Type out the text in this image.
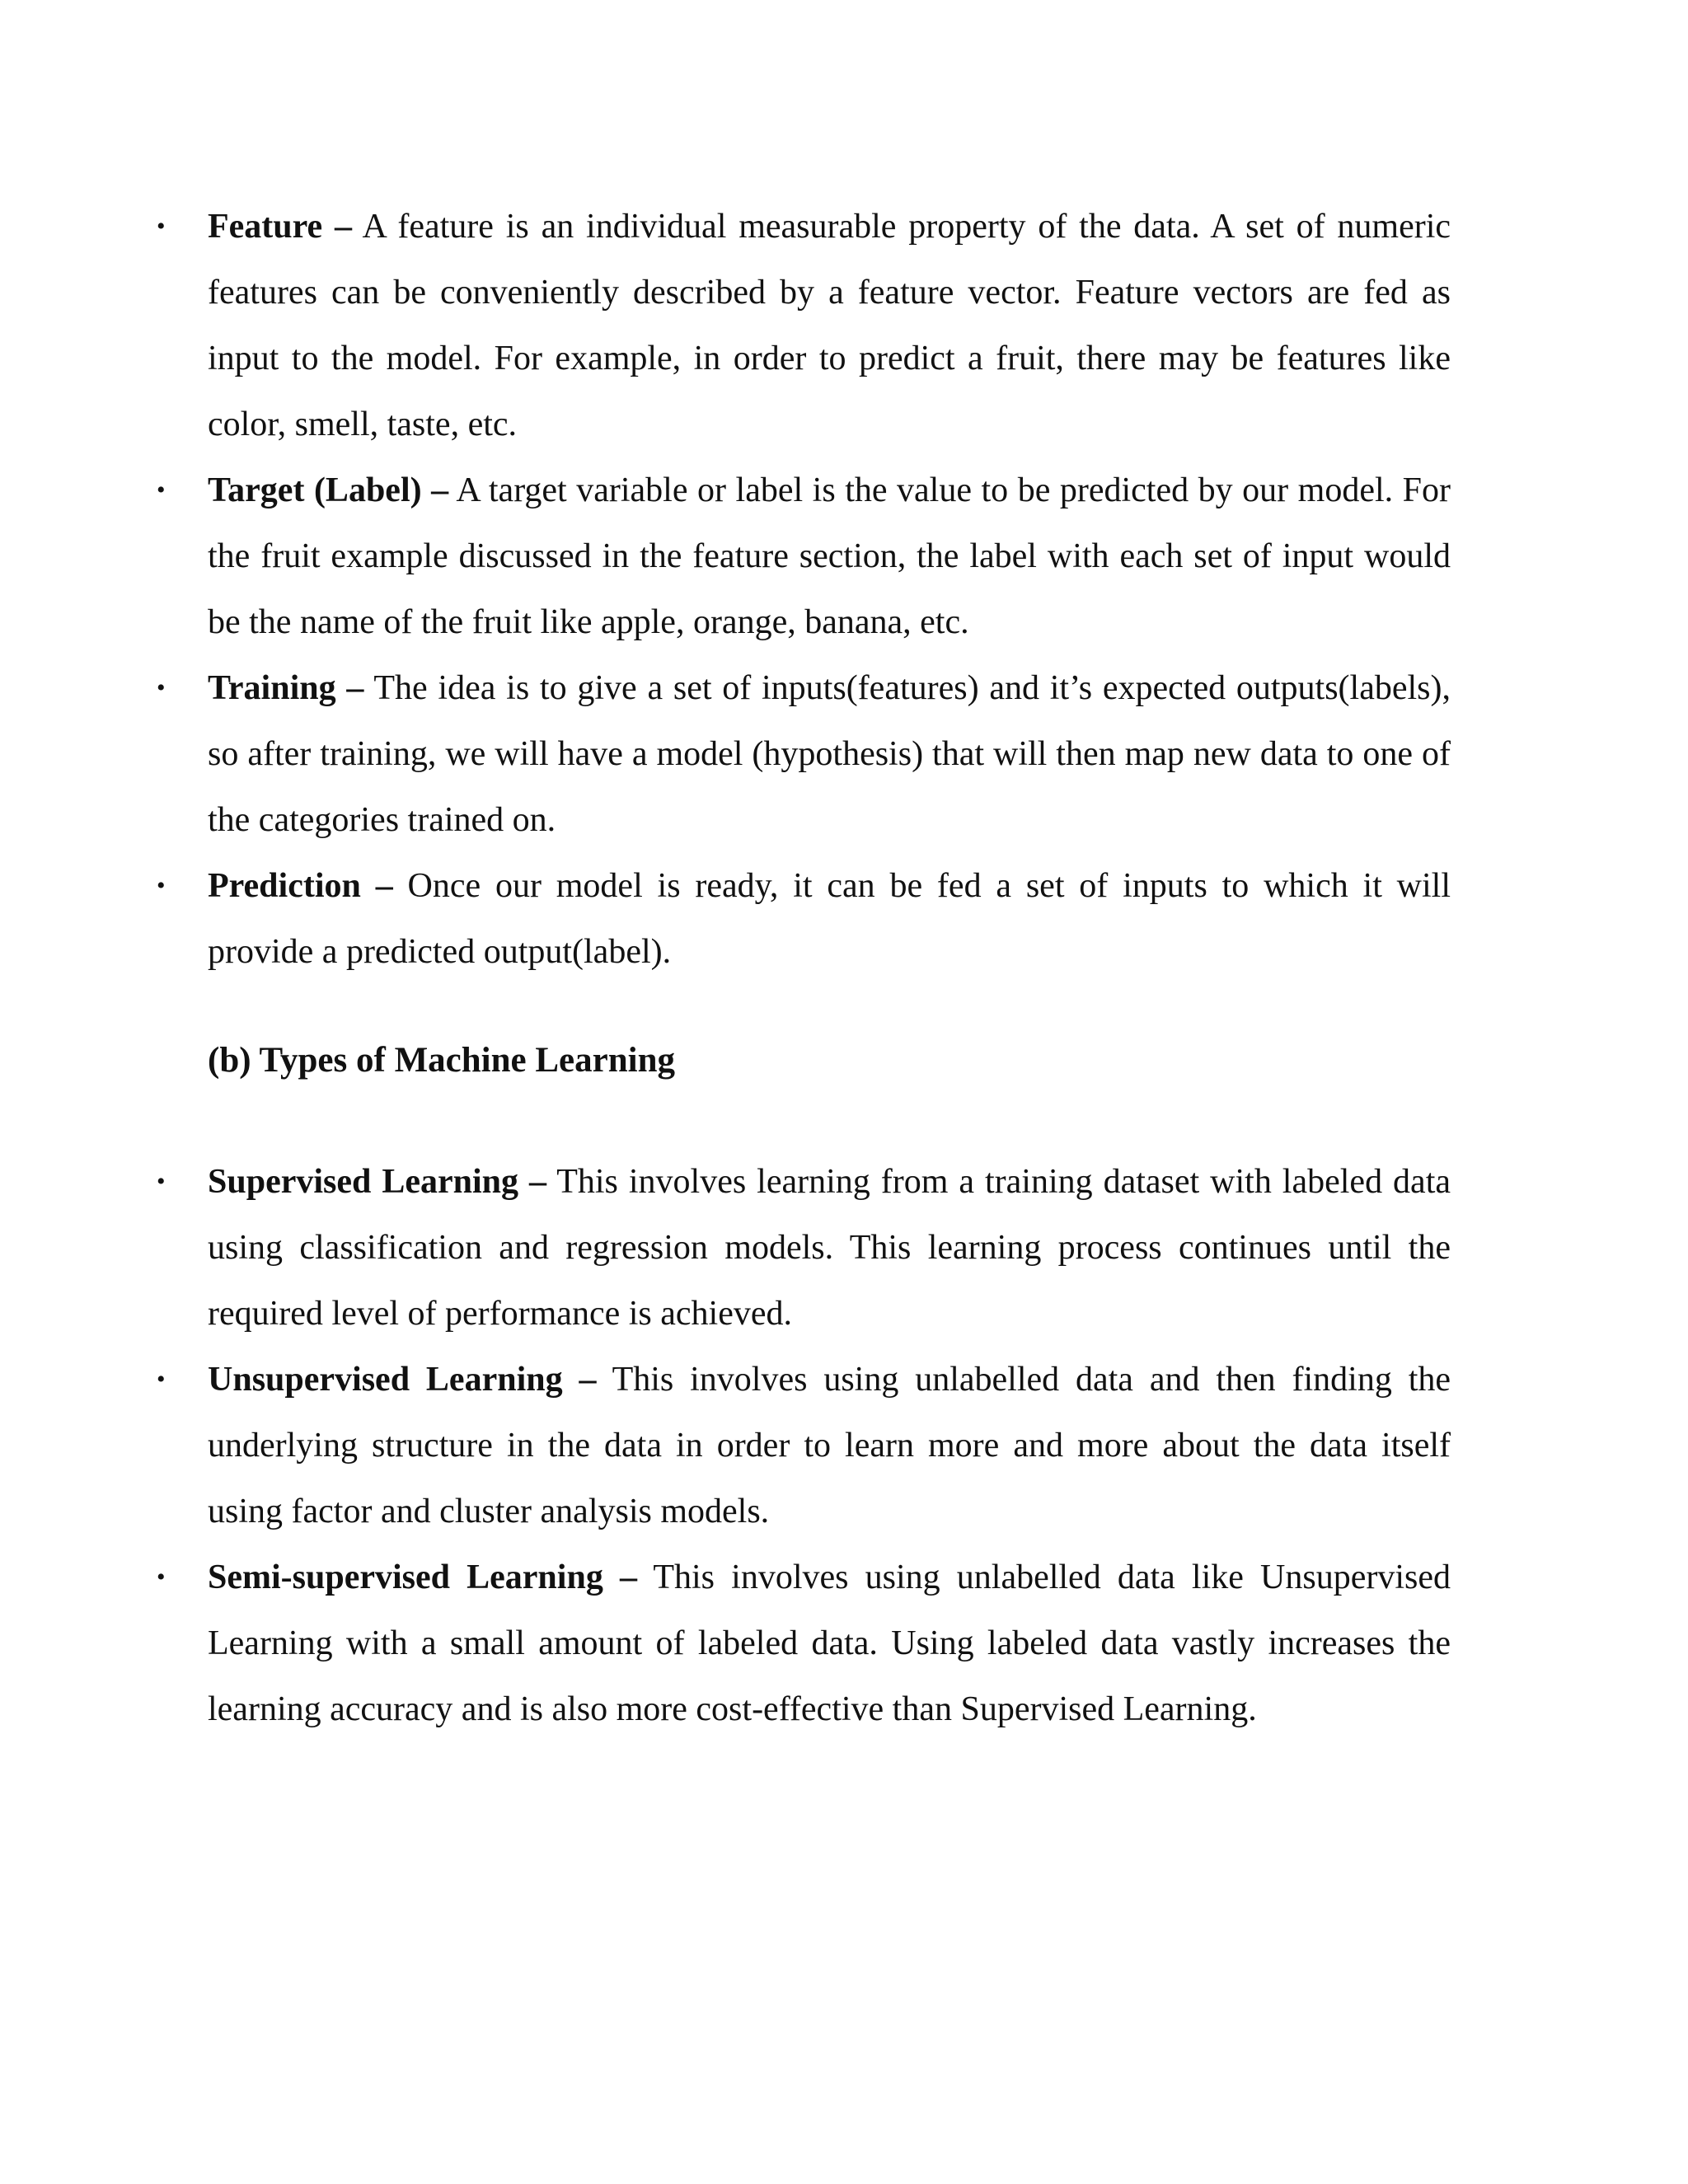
• Feature – A feature is an individual measurable property of the data. A set of numeric features can be conveniently described by a feature vector. Feature vectors are fed as input to the model. For example, in order to predict a fruit, there may be features like color, smell, taste, etc.
• Target (Label) – A target variable or label is the value to be predicted by our model. For the fruit example discussed in the feature section, the label with each set of input would be the name of the fruit like apple, orange, banana, etc.
• Training – The idea is to give a set of inputs(features) and it’s expected outputs(labels), so after training, we will have a model (hypothesis) that will then map new data to one of the categories trained on.
• Prediction – Once our model is ready, it can be fed a set of inputs to which it will provide a predicted output(label).
(b) Types of Machine Learning
• Supervised Learning – This involves learning from a training dataset with labeled data using classification and regression models. This learning process continues until the required level of performance is achieved.
• Unsupervised Learning – This involves using unlabelled data and then finding the underlying structure in the data in order to learn more and more about the data itself using factor and cluster analysis models.
• Semi-supervised Learning – This involves using unlabelled data like Unsupervised Learning with a small amount of labeled data. Using labeled data vastly increases the learning accuracy and is also more cost-effective than Supervised Learning.
